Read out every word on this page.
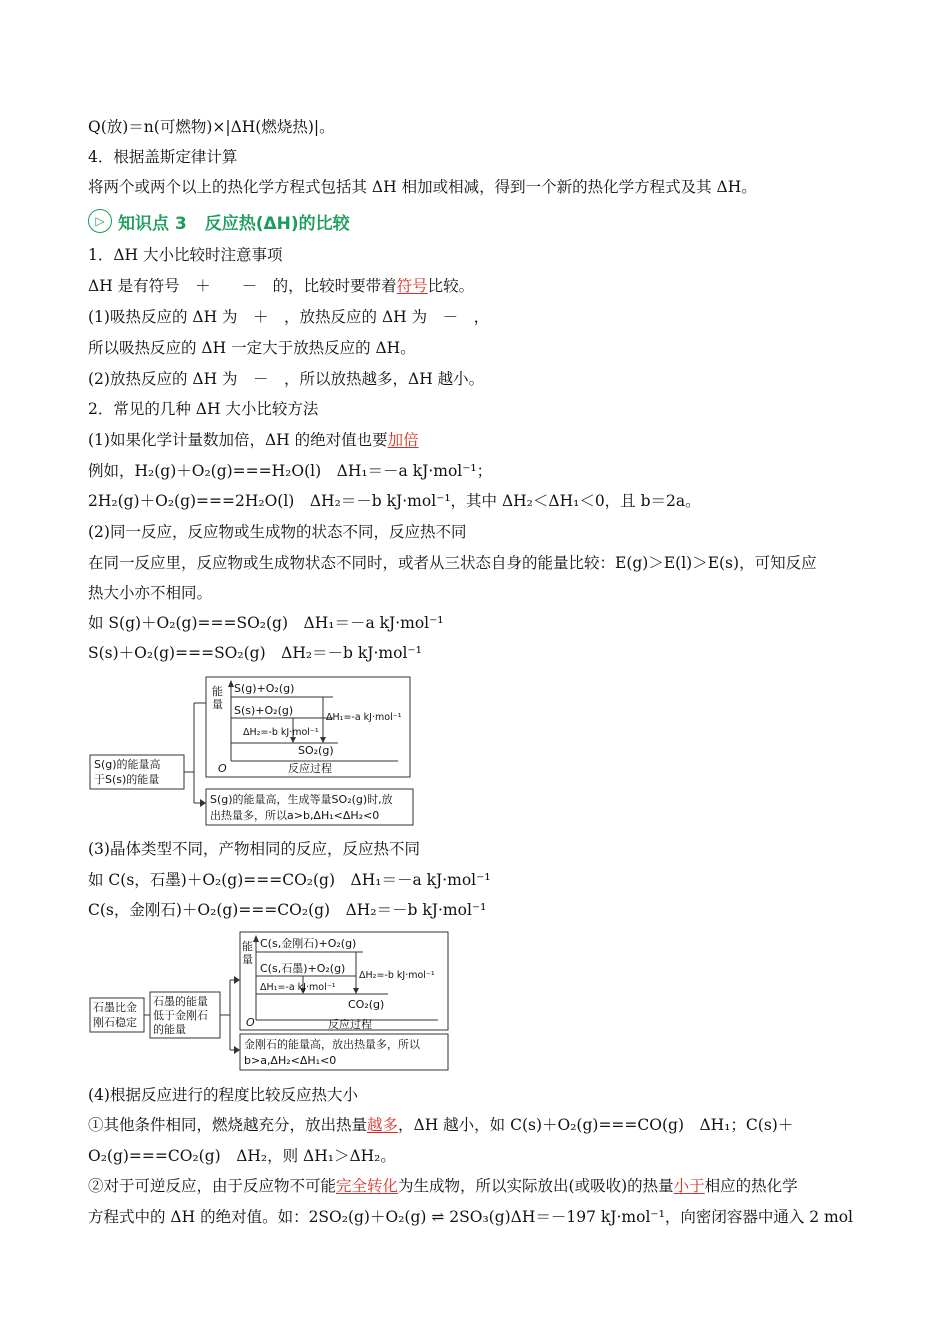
Q(放)＝n(可燃物)×|ΔH(燃烧热)|。
4．根据盖斯定律计算
将两个或两个以上的热化学方程式包括其 ΔH 相加或相减，得到一个新的热化学方程式及其 ΔH。
▷ 知识点 3 反应热(ΔH)的比较
1．ΔH 大小比较时注意事项
ΔH 是有符号　＋　　－　的，比较时要带着符号比较。
(1)吸热反应的 ΔH 为　＋　，放热反应的 ΔH 为　－　，
所以吸热反应的 ΔH 一定大于放热反应的 ΔH。
(2)放热反应的 ΔH 为　－　，所以放热越多，ΔH 越小。
2．常见的几种 ΔH 大小比较方法
(1)如果化学计量数加倍，ΔH 的绝对值也要加倍
例如，H₂(g)＋O₂(g)===H₂O(l)　ΔH₁＝－a kJ·mol⁻¹；
2H₂(g)＋O₂(g)===2H₂O(l)　ΔH₂＝－b kJ·mol⁻¹，其中 ΔH₂＜ΔH₁＜0，且 b＝2a。
(2)同一反应，反应物或生成物的状态不同，反应热不同
在同一反应里，反应物或生成物状态不同时，或者从三状态自身的能量比较：E(g)＞E(l)＞E(s)，可知反应
热大小亦不相同。
如 S(g)＋O₂(g)===SO₂(g)　ΔH₁＝－a kJ·mol⁻¹
S(s)＋O₂(g)===SO₂(g)　ΔH₂＝－b kJ·mol⁻¹
S(g)的能量高
于S(s)的能量
能
量
S(g)+O₂(g)
S(s)+O₂(g)
SO₂(g)
ΔH₁=-a kJ·mol⁻¹
ΔH₂=-b kJ·mol⁻¹
O	反应过程
S(g)的能量高，生成等量SO₂(g)时,放
出热量多，所以a>b,ΔH₁<ΔH₂<0
(3)晶体类型不同，产物相同的反应，反应热不同
如 C(s，石墨)＋O₂(g)===CO₂(g)　ΔH₁＝－a kJ·mol⁻¹
C(s，金刚石)＋O₂(g)===CO₂(g)　ΔH₂＝－b kJ·mol⁻¹
石墨比金
刚石稳定
石墨的能量
低于金刚石
的能量
能
量
C(s,金刚石)+O₂(g)
C(s,石墨)+O₂(g)
CO₂(g)
ΔH₂=-b kJ·mol⁻¹
ΔH₁=-a kJ·mol⁻¹
O	反应过程
金刚石的能量高，放出热量多，所以
b>a,ΔH₂<ΔH₁<0
(4)根据反应进行的程度比较反应热大小
①其他条件相同，燃烧越充分，放出热量越多，ΔH 越小，如 C(s)＋O₂(g)===CO(g)　ΔH₁；C(s)＋
O₂(g)===CO₂(g)　ΔH₂，则 ΔH₁＞ΔH₂。
②对于可逆反应，由于反应物不可能完全转化为生成物，所以实际放出(或吸收)的热量小于相应的热化学
方程式中的 ΔH 的绝对值。如：2SO₂(g)＋O₂(g) ⇌ 2SO₃(g)ΔH＝－197 kJ·mol⁻¹，向密闭容器中通入 2 mol
